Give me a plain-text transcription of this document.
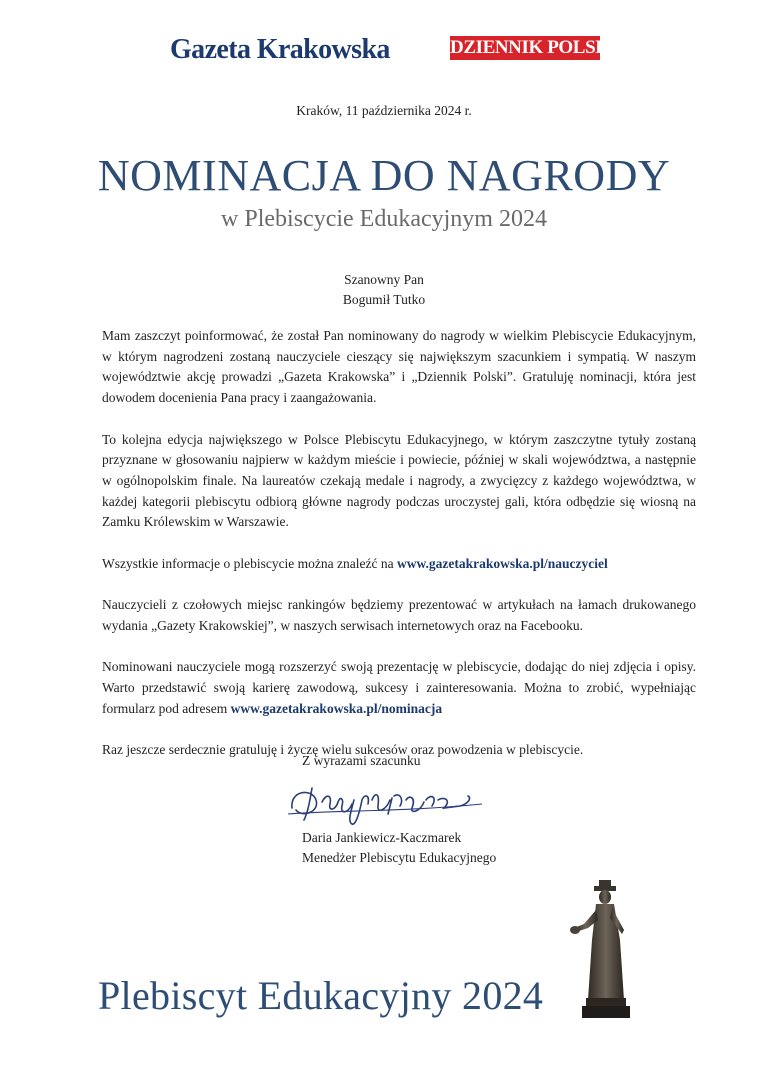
Gazeta Krakowska	DZIENNIK POLSKI
Kraków, 11 października 2024 r.
NOMINACJA DO NAGRODY
w Plebiscycie Edukacyjnym 2024
Szanowny Pan
Bogumił Tutko

Mam zaszczyt poinformować, że został Pan nominowany do nagrody w wielkim Plebiscycie Edukacyjnym, w którym nagrodzeni zostaną nauczyciele cieszący się największym szacunkiem i sympatią. W naszym województwie akcję prowadzi „Gazeta Krakowska” i „Dziennik Polski”. Gratuluję nominacji, która jest dowodem docenienia Pana pracy i zaangażowania.

To kolejna edycja największego w Polsce Plebiscytu Edukacyjnego, w którym zaszczytne tytuły zostaną przyznane w głosowaniu najpierw w każdym mieście i powiecie, później w skali województwa, a następnie w ogólnopolskim finale. Na laureatów czekają medale i nagrody, a zwycięzcy z każdego województwa, w każdej kategorii plebiscytu odbiorą główne nagrody podczas uroczystej gali, która odbędzie się wiosną na Zamku Królewskim w Warszawie.

Wszystkie informacje o plebiscycie można znaleźć na www.gazetakrakowska.pl/nauczyciel

Nauczycieli z czołowych miejsc rankingów będziemy prezentować w artykułach na łamach drukowanego wydania „Gazety Krakowskiej”, w naszych serwisach internetowych oraz na Facebooku.

Nominowani nauczyciele mogą rozszerzyć swoją prezentację w plebiscycie, dodając do niej zdjęcia i opisy. Warto przedstawić swoją karierę zawodową, sukcesy i zainteresowania. Można to zrobić, wypełniając formularz pod adresem www.gazetakrakowska.pl/nominacja

Raz jeszcze serdecznie gratuluję i życzę wielu sukcesów oraz powodzenia w plebiscycie.

Z wyrazami szacunku
Daria Jankiewicz-Kaczmarek
Menedżer Plebiscytu Edukacyjnego
Plebiscyt Edukacyjny 2024
